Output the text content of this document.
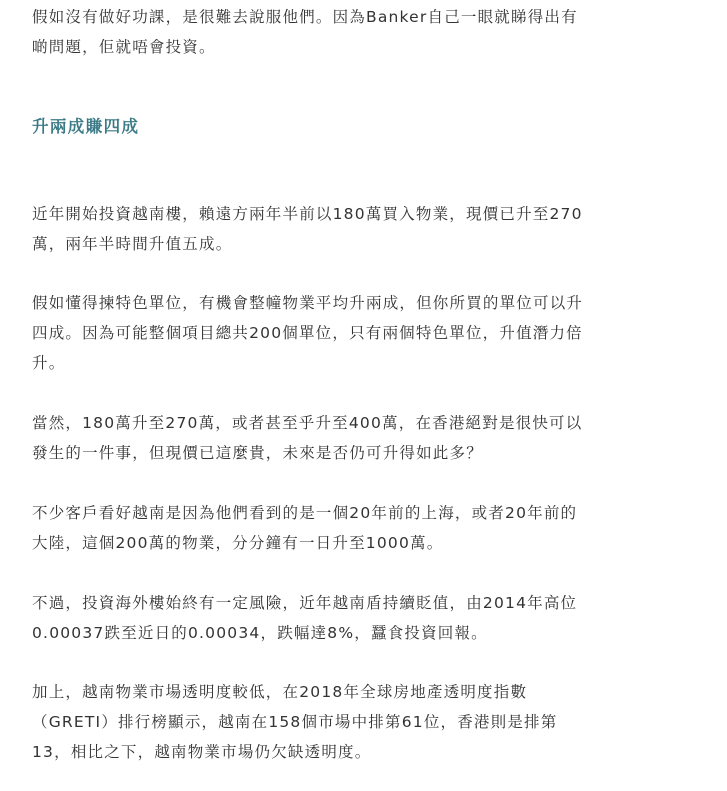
假如沒有做好功課，是很難去說服他們。因為Banker自己一眼就睇得出有
啲問題，佢就唔會投資。

升兩成賺四成

近年開始投資越南樓，賴遠方兩年半前以180萬買入物業，現價已升至270
萬，兩年半時間升值五成。

假如懂得揀特色單位，有機會整幢物業平均升兩成，但你所買的單位可以升
四成。因為可能整個項目總共200個單位，只有兩個特色單位，升值潛力倍
升。

當然，180萬升至270萬，或者甚至乎升至400萬，在香港絕對是很快可以
發生的一件事，但現價已這麼貴，未來是否仍可升得如此多？

不少客戶看好越南是因為他們看到的是一個20年前的上海，或者20年前的
大陸，這個200萬的物業，分分鐘有一日升至1000萬。

不過，投資海外樓始終有一定風險，近年越南盾持續貶值，由2014年高位
0.00037跌至近日的0.00034，跌幅達8%，蠶食投資回報。

加上，越南物業市場透明度較低，在2018年全球房地產透明度指數
（GRETI）排行榜顯示，越南在158個市場中排第61位，香港則是排第
13，相比之下，越南物業市場仍欠缺透明度。
